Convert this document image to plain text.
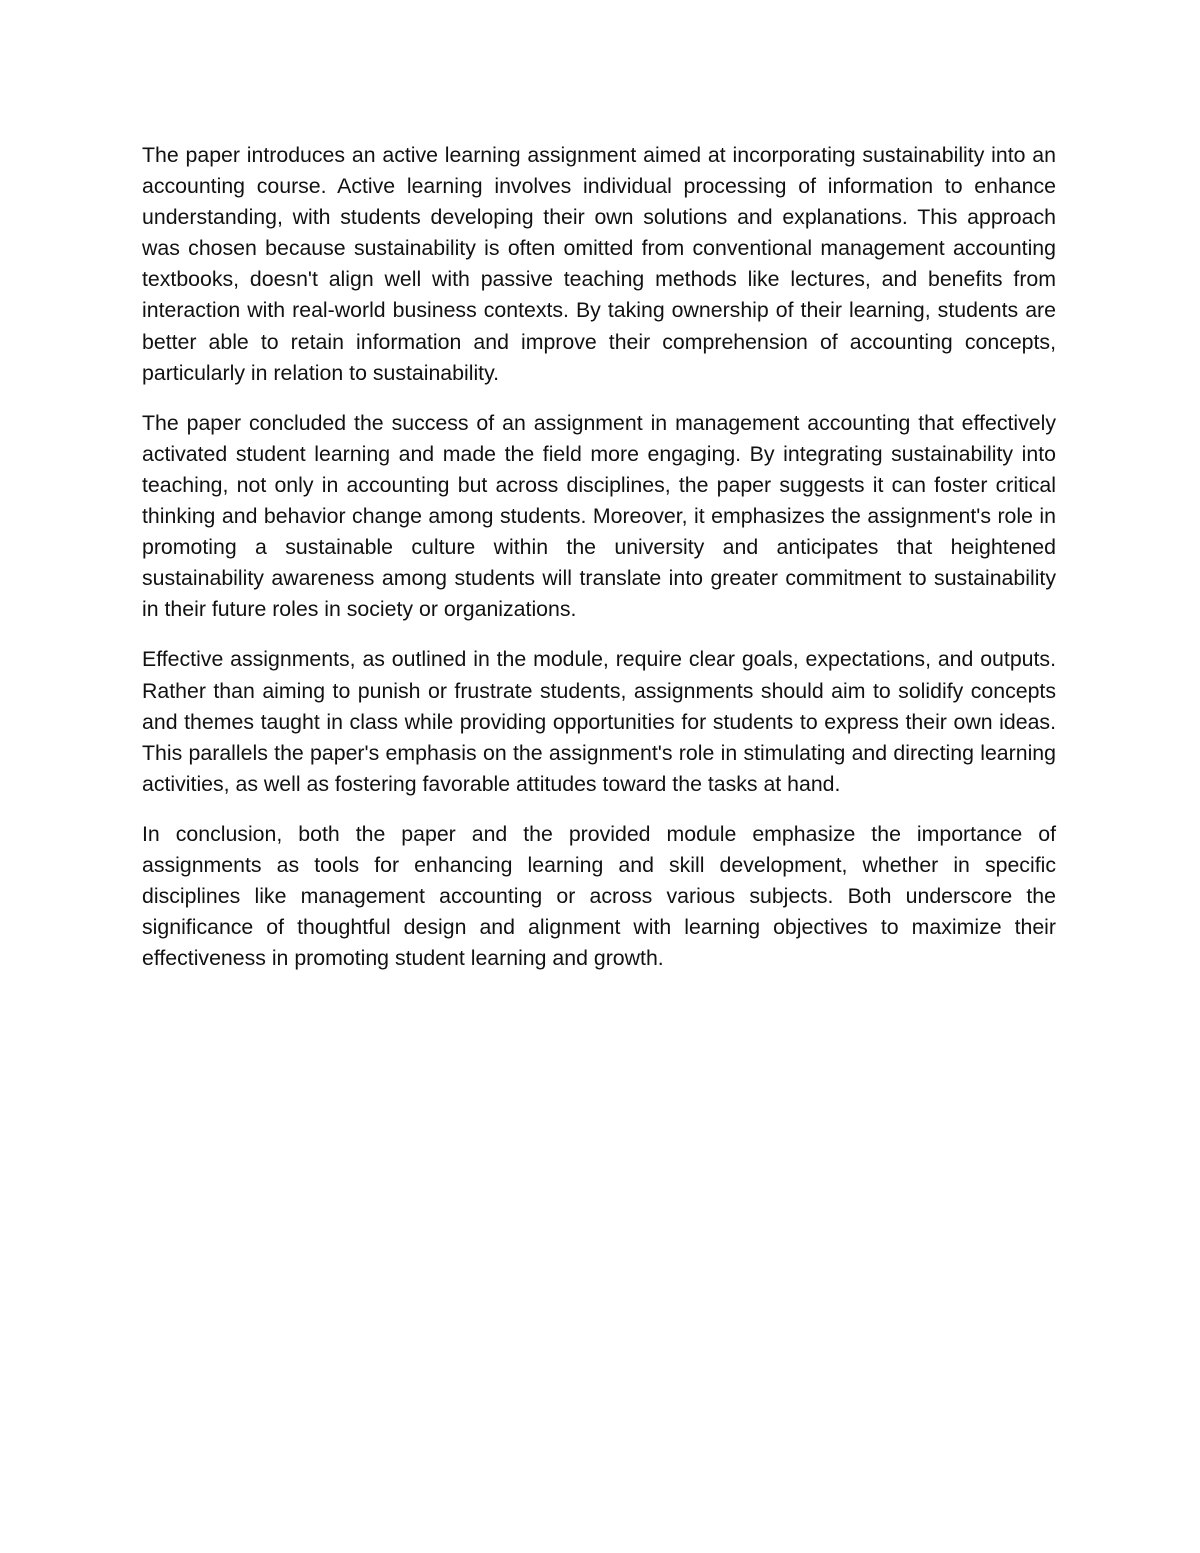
The paper introduces an active learning assignment aimed at incorporating sustainability into an accounting course. Active learning involves individual processing of information to enhance understanding, with students developing their own solutions and explanations. This approach was chosen because sustainability is often omitted from conventional management accounting textbooks, doesn't align well with passive teaching methods like lectures, and benefits from interaction with real-world business contexts. By taking ownership of their learning, students are better able to retain information and improve their comprehension of accounting concepts, particularly in relation to sustainability.

The paper concluded the success of an assignment in management accounting that effectively activated student learning and made the field more engaging. By integrating sustainability into teaching, not only in accounting but across disciplines, the paper suggests it can foster critical thinking and behavior change among students. Moreover, it emphasizes the assignment's role in promoting a sustainable culture within the university and anticipates that heightened sustainability awareness among students will translate into greater commitment to sustainability in their future roles in society or organizations.

Effective assignments, as outlined in the module, require clear goals, expectations, and outputs. Rather than aiming to punish or frustrate students, assignments should aim to solidify concepts and themes taught in class while providing opportunities for students to express their own ideas. This parallels the paper's emphasis on the assignment's role in stimulating and directing learning activities, as well as fostering favorable attitudes toward the tasks at hand.

In conclusion, both the paper and the provided module emphasize the importance of assignments as tools for enhancing learning and skill development, whether in specific disciplines like management accounting or across various subjects. Both underscore the significance of thoughtful design and alignment with learning objectives to maximize their effectiveness in promoting student learning and growth.
